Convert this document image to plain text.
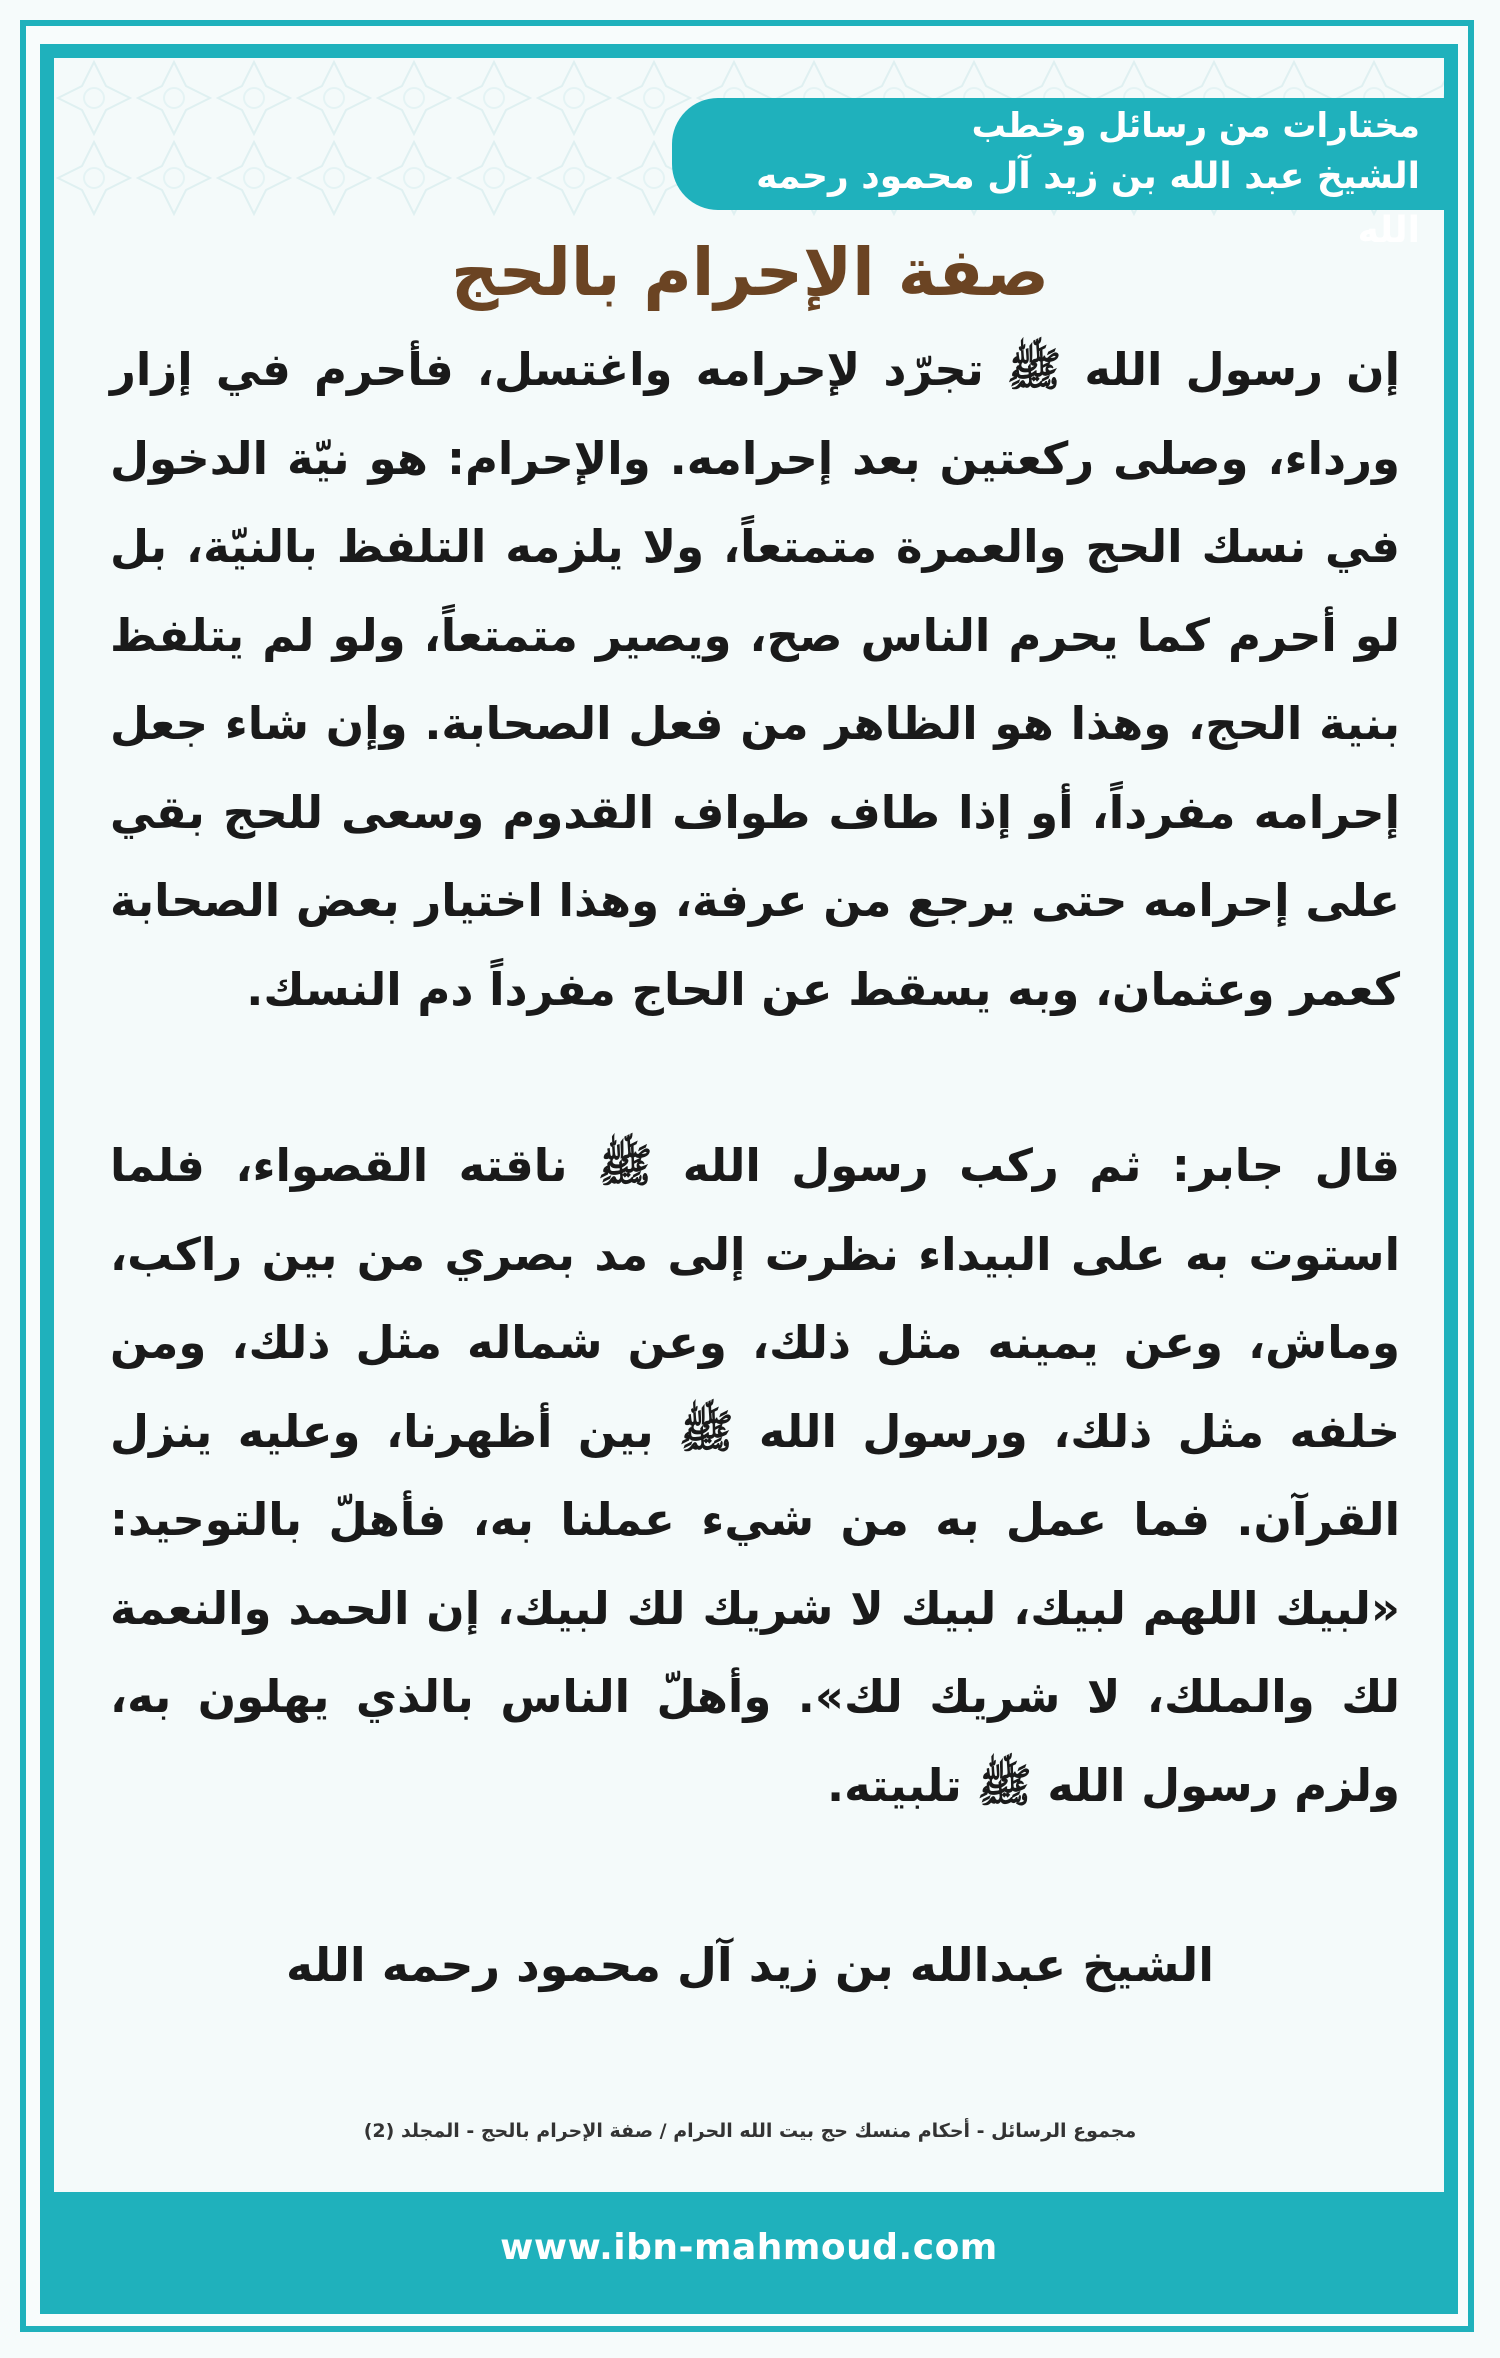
مختارات من رسائل وخطب
الشيخ عبد الله بن زيد آل محمود رحمه الله
صفة الإحرام بالحج

إن رسول الله ﷺ تجرّد لإحرامه واغتسل، فأحرم في إزار ورداء، وصلى ركعتين بعد إحرامه. والإحرام: هو نيّة الدخول في نسك الحج والعمرة متمتعاً، ولا يلزمه التلفظ بالنيّة، بل لو أحرم كما يحرم الناس صح، ويصير متمتعاً، ولو لم يتلفظ بنية الحج، وهذا هو الظاهر من فعل الصحابة. وإن شاء جعل إحرامه مفرداً، أو إذا طاف طواف القدوم وسعى للحج بقي على إحرامه حتى يرجع من عرفة، وهذا اختيار بعض الصحابة كعمر وعثمان، وبه يسقط عن الحاج مفرداً دم النسك.

قال جابر: ثم ركب رسول الله ﷺ ناقته القصواء، فلما استوت به على البيداء نظرت إلى مد بصري من بين راكب، وماش، وعن يمينه مثل ذلك، وعن شماله مثل ذلك، ومن خلفه مثل ذلك، ورسول الله ﷺ بين أظهرنا، وعليه ينزل القرآن. فما عمل به من شيء عملنا به، فأهلّ بالتوحيد: «لبيك اللهم لبيك، لبيك لا شريك لك لبيك، إن الحمد والنعمة لك والملك، لا شريك لك». وأهلّ الناس بالذي يهلون به، ولزم رسول الله ﷺ تلبيته.

الشيخ عبدالله بن زيد آل محمود رحمه الله
مجموع الرسائل - أحكام منسك حج بيت الله الحرام / صفة الإحرام بالحج - المجلد (2)
www.ibn-mahmoud.com
